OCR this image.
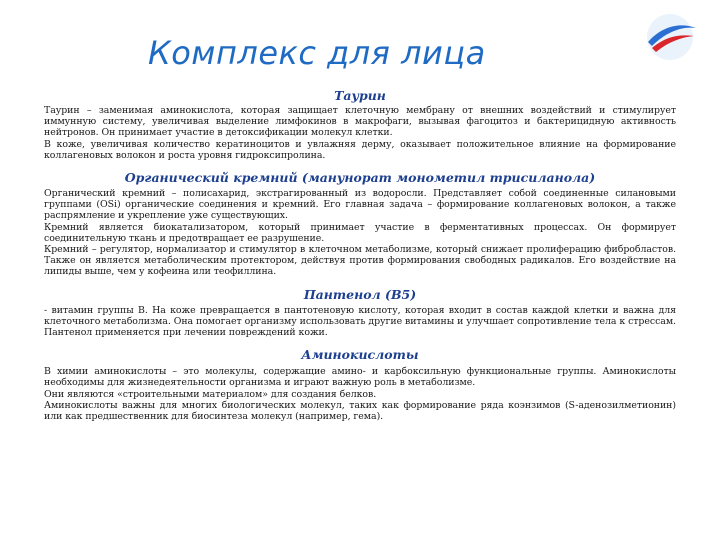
Комплекс для лица

Таурин

Таурин – заменимая аминокислота, которая защищает клеточную мембрану от внешних воздействий и стимулирует иммунную систему, увеличивая выделение лимфокинов в макрофаги, вызывая фагоцитоз и бактерицидную активность нейтронов. Он принимает участие в детоксификации молекул клетки.

В коже, увеличивая количество кератиноцитов и увлажняя дерму, оказывает положительное влияние на формирование коллагеновых волокон и роста уровня гидроксипролина.

Органический кремний (манунорат монометил трисиланола)

Органический кремний – полисахарид, экстрагированный из водоросли. Представляет собой соединенные силановыми группами (OSi) органические соединения и кремний. Его главная задача – формирование коллагеновых волокон, а также распрямление и укрепление уже существующих.

Кремний является биокатализатором, который принимает участие в ферментативных процессах. Он формирует соединительную ткань и предотвращает ее разрушение.

Кремний – регулятор, нормализатор и стимулятор в клеточном метаболизме, который снижает пролиферацию фибробластов. Также он является метаболическим протектором, действуя против формирования свободных радикалов. Его воздействие на липиды выше, чем у кофеина или теофиллина.

Пантенол (В5)

- витамин группы В. На коже превращается в пантотеновую кислоту, которая входит в состав каждой клетки и важна для клеточного метаболизма. Она помогает организму использовать другие витамины и улучшает сопротивление тела к стрессам. Пантенол применяется при лечении повреждений кожи.

Аминокислоты

В химии аминокислоты – это молекулы, содержащие амино- и карбоксильную функциональные группы. Аминокислоты необходимы для жизнедеятельности организма и играют важную роль в метаболизме.

Они являются «строительными материалом» для создания белков.

Аминокислоты важны для многих биологических молекул, таких как формирование ряда коэнзимов (S-аденозилметионин) или как предшественник для биосинтеза молекул (например, гема).
